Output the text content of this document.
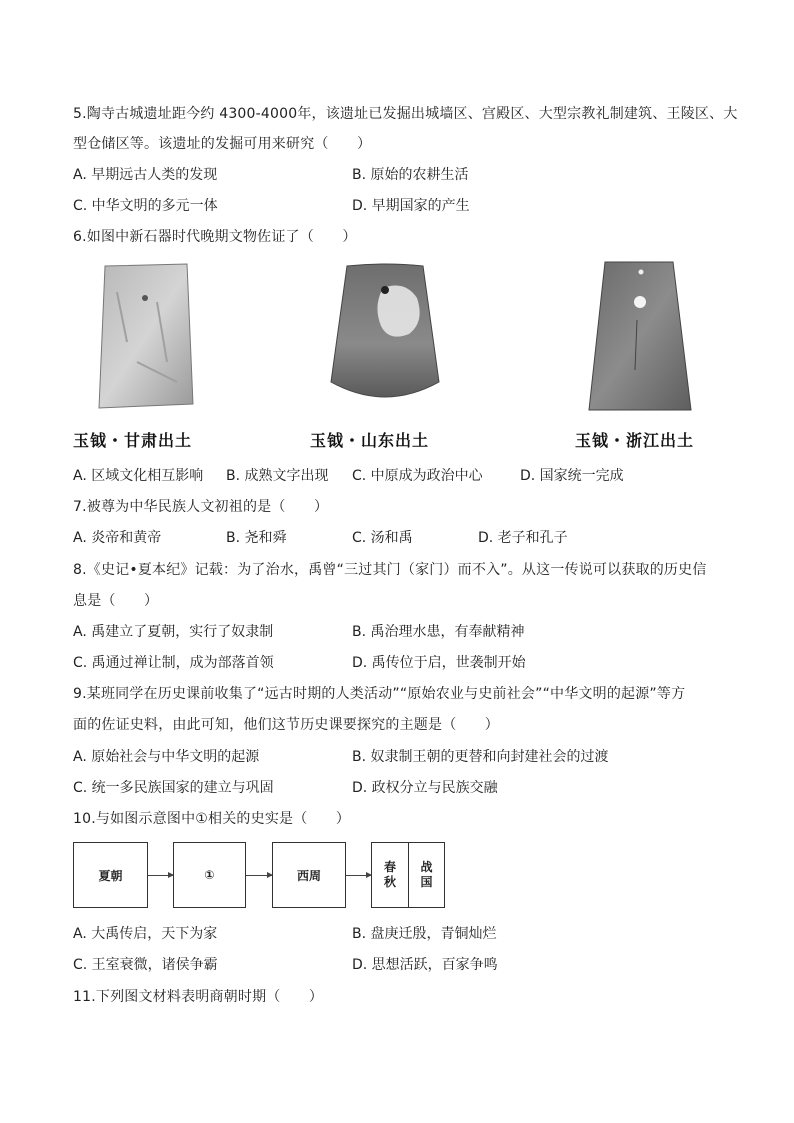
5.陶寺古城遗址距今约 4300-4000年，该遗址已发掘出城墙区、宫殿区、大型宗教礼制建筑、王陵区、大
型仓储区等。该遗址的发掘可用来研究（　　）
A. 早期远古人类的发现	B. 原始的农耕生活
C. 中华文明的多元一体	D. 早期国家的产生
6.如图中新石器时代晚期文物佐证了（　　）
玉钺・甘肃出土	玉钺・山东出土	玉钺・浙江出土
A. 区域文化相互影响 B. 成熟文字出现 C. 中原成为政治中心	D. 国家统一完成
7.被尊为中华民族人文初祖的是（　　）
A. 炎帝和黄帝	B. 尧和舜	C. 汤和禹	D. 老子和孔子
8.《史记•夏本纪》记载：为了治水，禹曾“三过其门（家门）而不入”。从这一传说可以获取的历史信
息是（　　）
A. 禹建立了夏朝，实行了奴隶制	B. 禹治理水患，有奉献精神
C. 禹通过禅让制，成为部落首领	D. 禹传位于启，世袭制开始
9.某班同学在历史课前收集了“远古时期的人类活动”“原始农业与史前社会”“中华文明的起源”等方
面的佐证史料，由此可知，他们这节历史课要探究的主题是（　　）
A. 原始社会与中华文明的起源	B. 奴隶制王朝的更替和向封建社会的过渡
C. 统一多民族国家的建立与巩固	D. 政权分立与民族交融
10.与如图示意图中①相关的史实是（　　）
夏朝	①	西周
春
秋
战
国
A. 大禹传启，天下为家	B. 盘庚迁殷，青铜灿烂
C. 王室衰微，诸侯争霸	D. 思想活跃，百家争鸣
11.下列图文材料表明商朝时期（　　）
